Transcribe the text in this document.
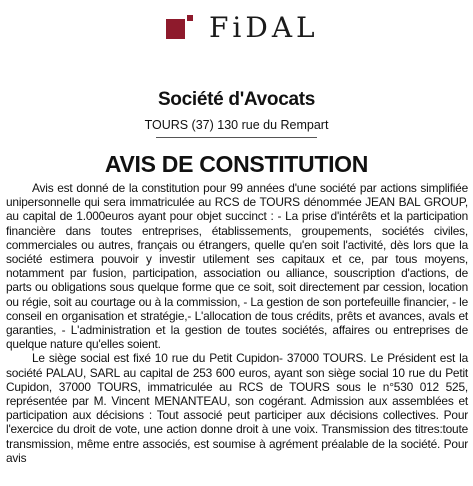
FiDAL
Société d'Avocats
TOURS (37) 130 rue du Rempart
AVIS DE CONSTITUTION

Avis est donné de la constitution pour 99 années d'une société par actions simplifiée unipersonnelle qui sera immatriculée au RCS de TOURS dénommée JEAN BAL GROUP, au capital de 1.000euros ayant pour objet succinct : - La prise d'intérêts et la participation financière dans toutes entreprises, établissements, groupements, sociétés civiles, commerciales ou autres, français ou étrangers, quelle qu'en soit l'activité, dès lors que la société estimera pouvoir y investir utilement ses capitaux et ce, par tous moyens, notamment par fusion, participation, association ou alliance, souscription d'actions, de parts ou obligations sous quelque forme que ce soit, soit directement par cession, location ou régie, soit au courtage ou à la commission, - La gestion de son portefeuille financier, - le conseil en organisation et stratégie,- L'allocation de tous crédits, prêts et avances, avals et garanties, - L'administration et la gestion de toutes sociétés, affaires ou entreprises de quelque nature qu'elles soient.

Le siège social est fixé 10 rue du Petit Cupidon- 37000 TOURS. Le Président est la société PALAU, SARL au capital de 253 600 euros, ayant son siège social 10 rue du Petit Cupidon, 37000 TOURS, immatriculée au RCS de TOURS sous le n°530 012 525, représentée par M. Vincent MENANTEAU, son cogérant. Admission aux assemblées et participation aux décisions : Tout associé peut participer aux décisions collectives. Pour l'exercice du droit de vote, une action donne droit à une voix. Transmission des titres:toute transmission, même entre associés, est soumise à agrément préalable de la société. Pour avis
